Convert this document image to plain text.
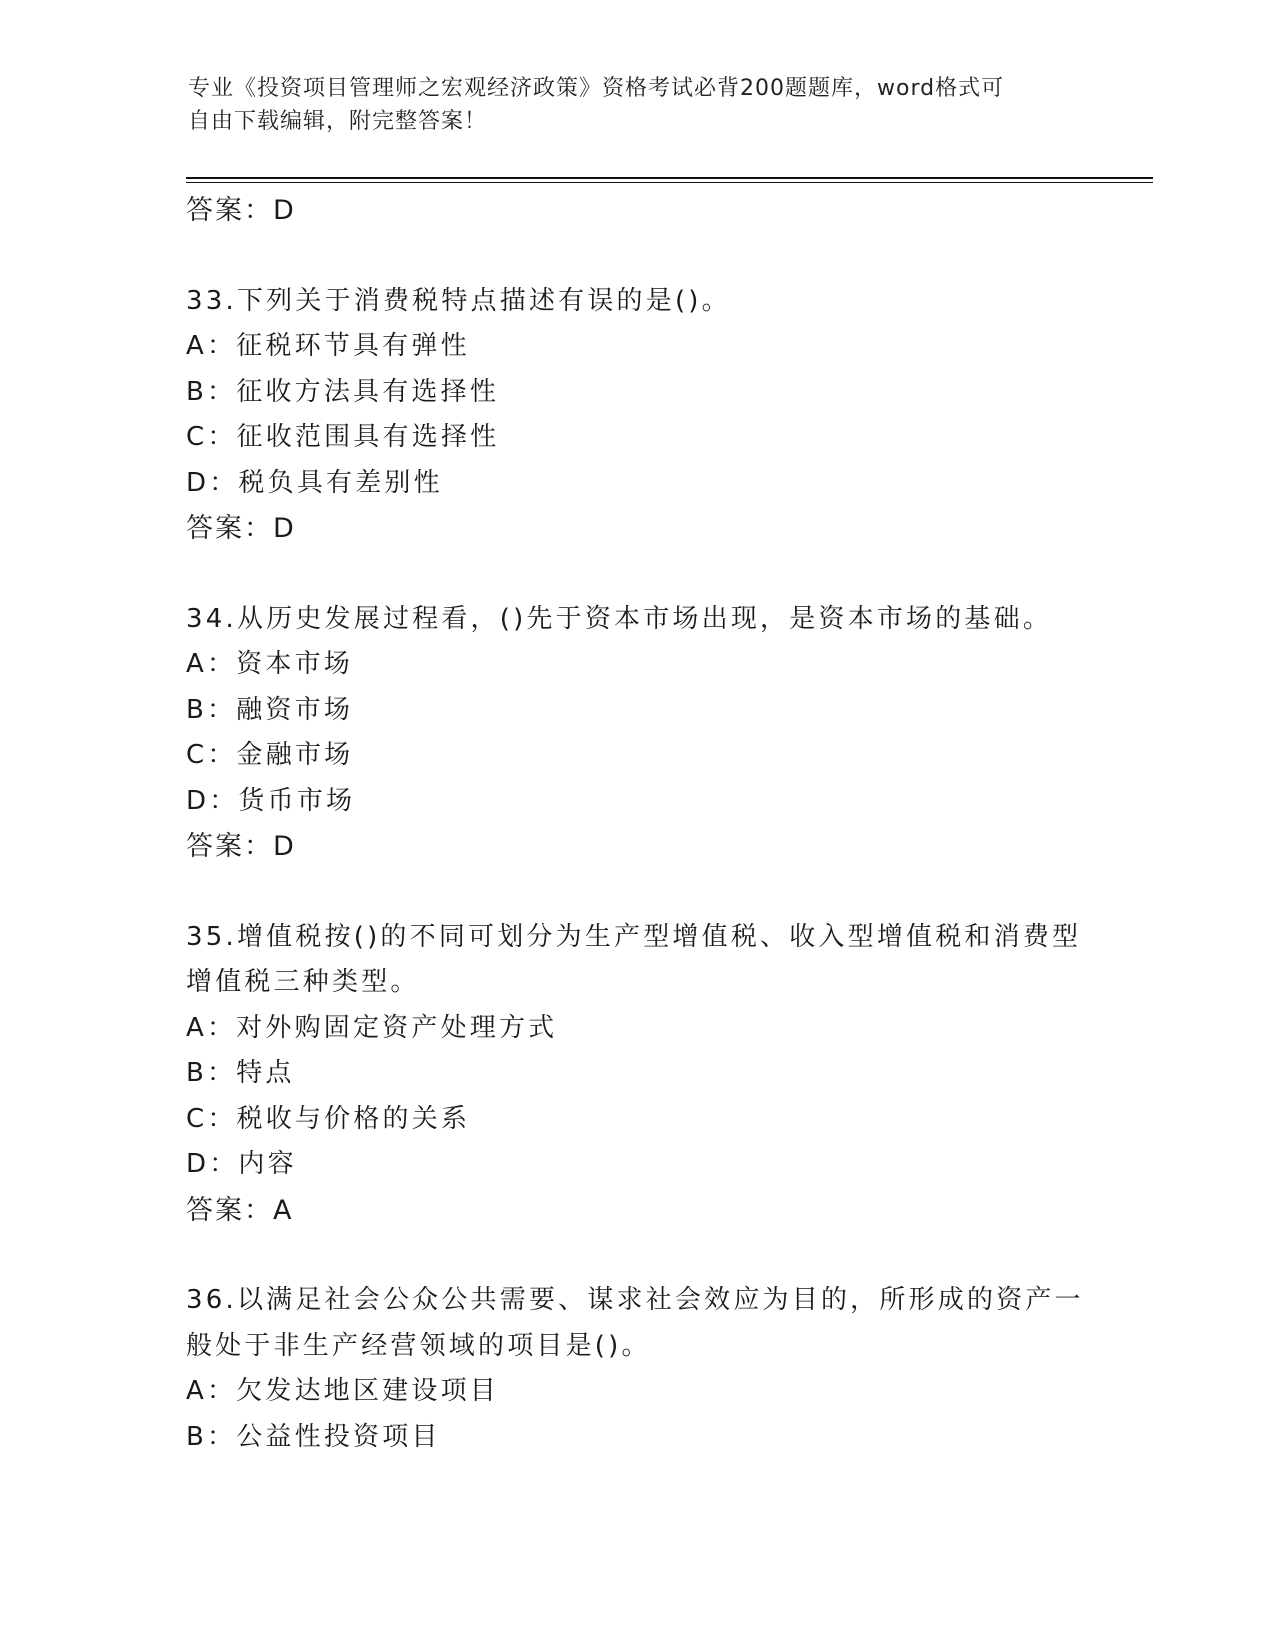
专业《投资项目管理师之宏观经济政策》资格考试必背200题题库，word格式可
自由下载编辑，附完整答案！
答案：D
33.下列关于消费税特点描述有误的是()。
A：征税环节具有弹性
B：征收方法具有选择性
C：征收范围具有选择性
D：税负具有差别性
答案：D
34.从历史发展过程看，()先于资本市场出现，是资本市场的基础。
A：资本市场
B：融资市场
C：金融市场
D：货币市场
答案：D
35.增值税按()的不同可划分为生产型增值税、收入型增值税和消费型
增值税三种类型。
A：对外购固定资产处理方式
B：特点
C：税收与价格的关系
D：内容
答案：A
36.以满足社会公众公共需要、谋求社会效应为目的，所形成的资产一
般处于非生产经营领域的项目是()。
A：欠发达地区建设项目
B：公益性投资项目
